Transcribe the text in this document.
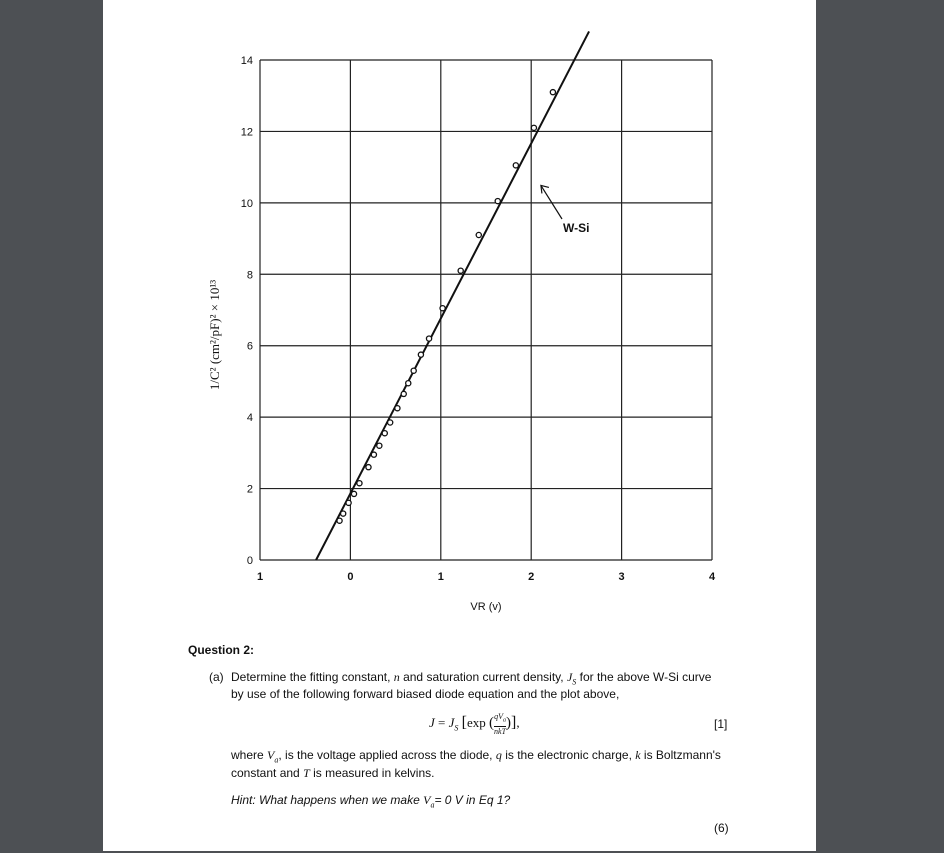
1	0	1	2	3	4
0
2
4
6
8
10
12
14
W-Si
VR (v)
1/C² (cm²/pF)² × 10¹³
Question 2:
(a) Determine the fitting constant, n and saturation current density, $J_S$ for the above W-Si curve
by use of the following forward biased diode equation and the plot above,
$J = J_S$ [exp ( $qV_a$
nkT
)],	[1]
where $V_a$, is the voltage applied across the diode, q is the electronic charge, k is Boltzmann's
constant and T is measured in kelvins.
Hint: What happens when we make $V_a= 0$ V in Eq 1?
(6)
